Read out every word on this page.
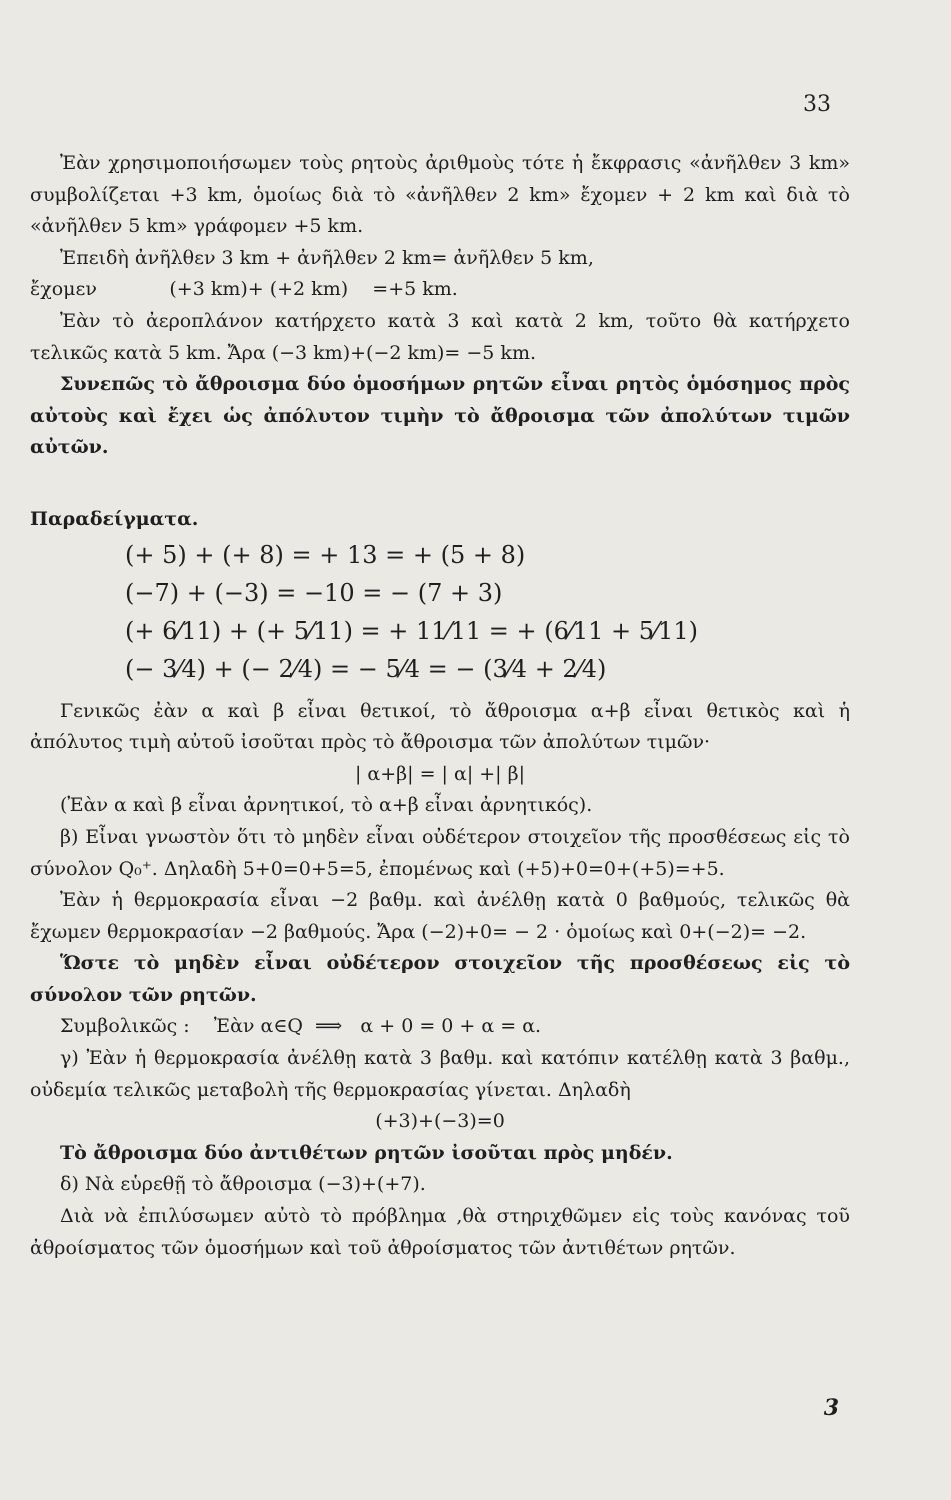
33

Ἐὰν χρησιμοποιήσωμεν τοὺς ρητοὺς ἀριθμοὺς τότε ἡ ἔκφρασις «ἀνῆλθεν 3 km» συμβολίζεται +3 km, ὁμοίως διὰ τὸ «ἀνῆλθεν 2 km» ἔχομεν + 2 km καὶ διὰ τὸ «ἀνῆλθεν 5 km» γράφομεν +5 km.

Ἐπειδὴ ἀνῆλθεν 3 km + ἀνῆλθεν 2 km= ἀνῆλθεν 5 km,

ἔχομεν            (+3 km)+ (+2 km)    =+5 km.

Ἐὰν τὸ ἀεροπλάνον κατήρχετο κατὰ 3 καὶ κατὰ 2 km, τοῦτο θὰ κατήρχετο τελικῶς κατὰ 5 km. Ἄρα (−3 km)+(−2 km)= −5 km.

Συνεπῶς τὸ ἄθροισμα δύο ὁμοσήμων ρητῶν εἶναι ρητὸς ὁμόσημος πρὸς αὐτοὺς καὶ ἔχει ὡς ἀπόλυτον τιμὴν τὸ ἄθροισμα τῶν ἀπολύτων τιμῶν αὐτῶν.

Παραδείγματα.

(+ 5) + (+ 8) = + 13 = + (5 + 8)

(−7) + (−3) = −10 = − (7 + 3)

(+ 6⁄11) + (+ 5⁄11) = + 11⁄11 = + (6⁄11 + 5⁄11)

(− 3⁄4) + (− 2⁄4) = − 5⁄4 = − (3⁄4 + 2⁄4)

Γενικῶς ἐὰν α καὶ β εἶναι θετικοί, τὸ ἄθροισμα α+β εἶναι θετικὸς καὶ ἡ ἀπόλυτος τιμὴ αὐτοῦ ἰσοῦται πρὸς τὸ ἄθροισμα τῶν ἀπολύτων τιμῶν·

| α+β| = | α| +| β|

(Ἐὰν α καὶ β εἶναι ἀρνητικοί, τὸ α+β εἶναι ἀρνητικός).

β) Εἶναι γνωστὸν ὅτι τὸ μηδὲν εἶναι οὐδέτερον στοιχεῖον τῆς προσθέσεως εἰς τὸ σύνολον Q₀⁺. Δηλαδὴ 5+0=0+5=5, ἐπομένως καὶ (+5)+0=0+(+5)=+5.

Ἐὰν ἡ θερμοκρασία εἶναι −2 βαθμ. καὶ ἀνέλθῃ κατὰ 0 βαθμούς, τελικῶς θὰ ἔχωμεν θερμοκρασίαν −2 βαθμούς. Ἄρα (−2)+0= − 2 · ὁμοίως καὶ 0+(−2)= −2.

Ὥστε τὸ μηδὲν εἶναι οὐδέτερον στοιχεῖον τῆς προσθέσεως εἰς τὸ σύνολον τῶν ρητῶν.

Συμβολικῶς :    Ἐὰν α∈Q  ⟹   α + 0 = 0 + α = α.

γ) Ἐὰν ἡ θερμοκρασία ἀνέλθῃ κατὰ 3 βαθμ. καὶ κατόπιν κατέλθῃ κατὰ 3 βαθμ., οὐδεμία τελικῶς μεταβολὴ τῆς θερμοκρασίας γίνεται. Δηλαδὴ

(+3)+(−3)=0

Τὸ ἄθροισμα δύο ἀντιθέτων ρητῶν ἰσοῦται πρὸς μηδέν.

δ) Νὰ εὑρεθῇ τὸ ἄθροισμα (−3)+(+7).

Διὰ νὰ ἐπιλύσωμεν αὐτὸ τὸ πρόβλημα ,θὰ στηριχθῶμεν εἰς τοὺς κανόνας τοῦ ἀθροίσματος τῶν ὁμοσήμων καὶ τοῦ ἀθροίσματος τῶν ἀντιθέτων ρητῶν.

3
